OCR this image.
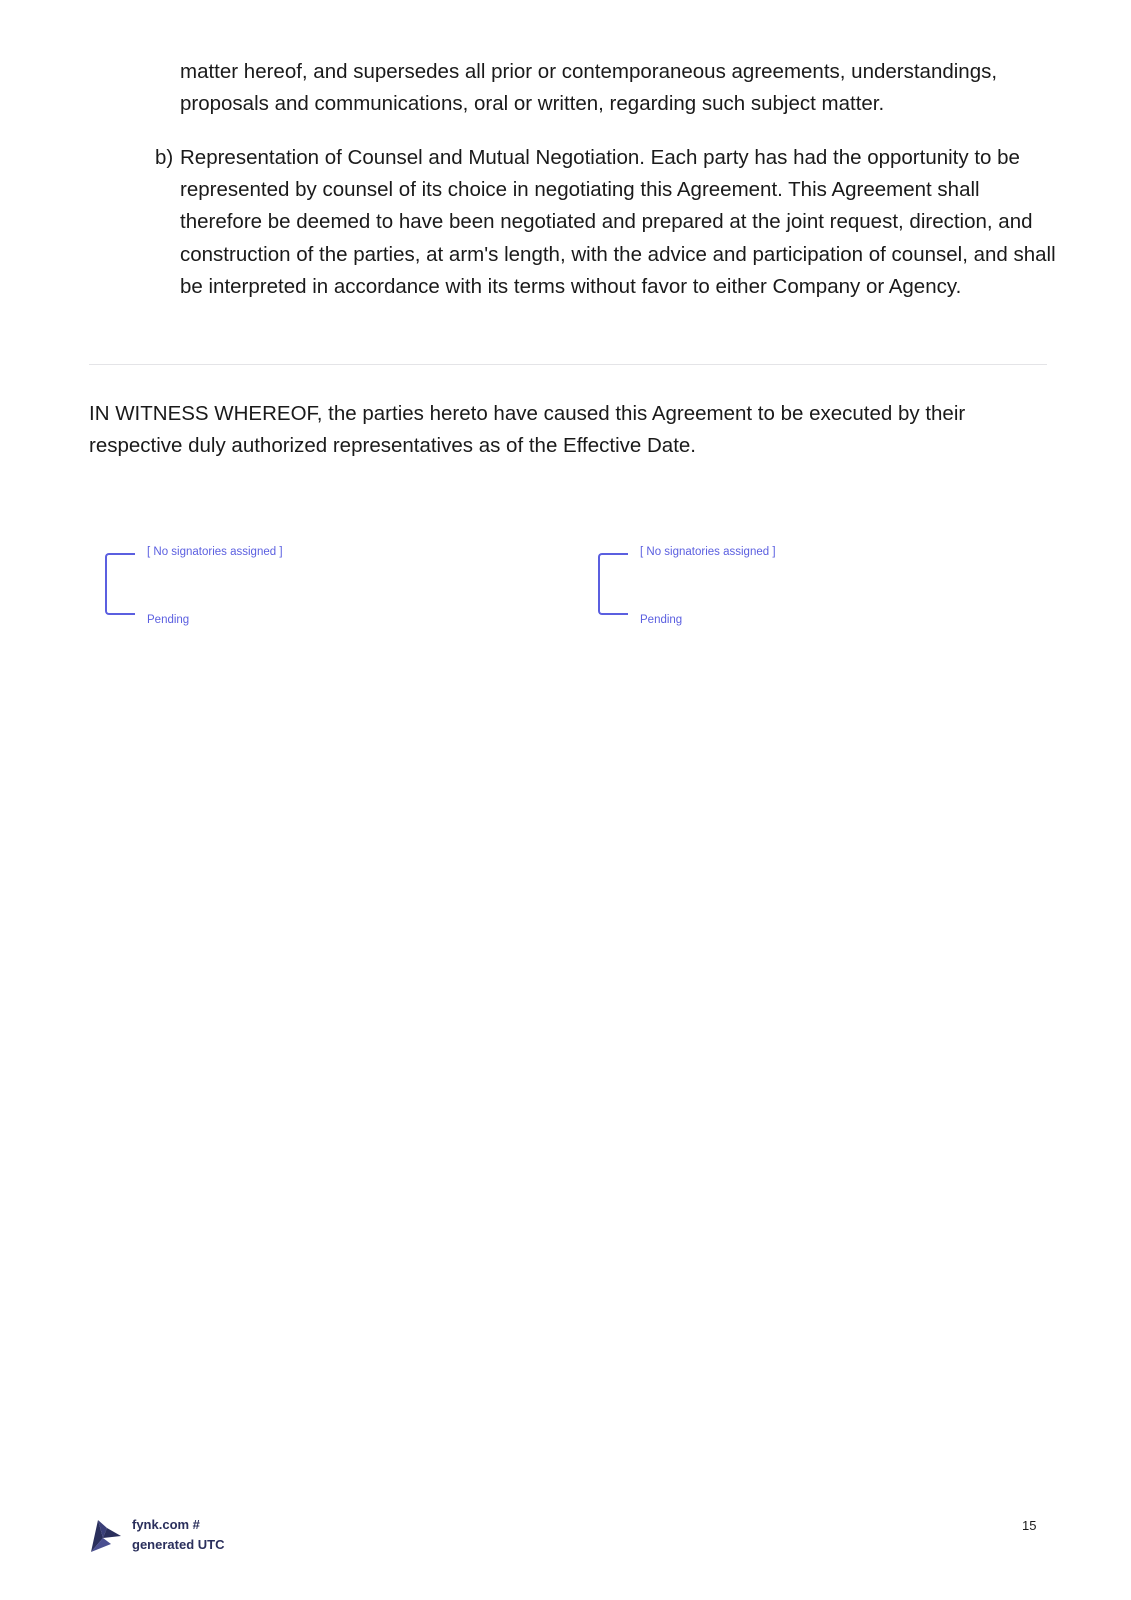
matter hereof, and supersedes all prior or contemporaneous agreements, understandings, proposals and communications, oral or written, regarding such subject matter.

b) Representation of Counsel and Mutual Negotiation. Each party has had the opportunity to be represented by counsel of its choice in negotiating this Agreement. This Agreement shall therefore be deemed to have been negotiated and prepared at the joint request, direction, and construction of the parties, at arm's length, with the advice and participation of counsel, and shall be interpreted in accordance with its terms without favor to either Company or Agency.

IN WITNESS WHEREOF, the parties hereto have caused this Agreement to be executed by their respective duly authorized representatives as of the Effective Date.

[ No signatories assigned ]
Pending
[ No signatories assigned ]
Pending
fynk.com #
generated UTC
15
